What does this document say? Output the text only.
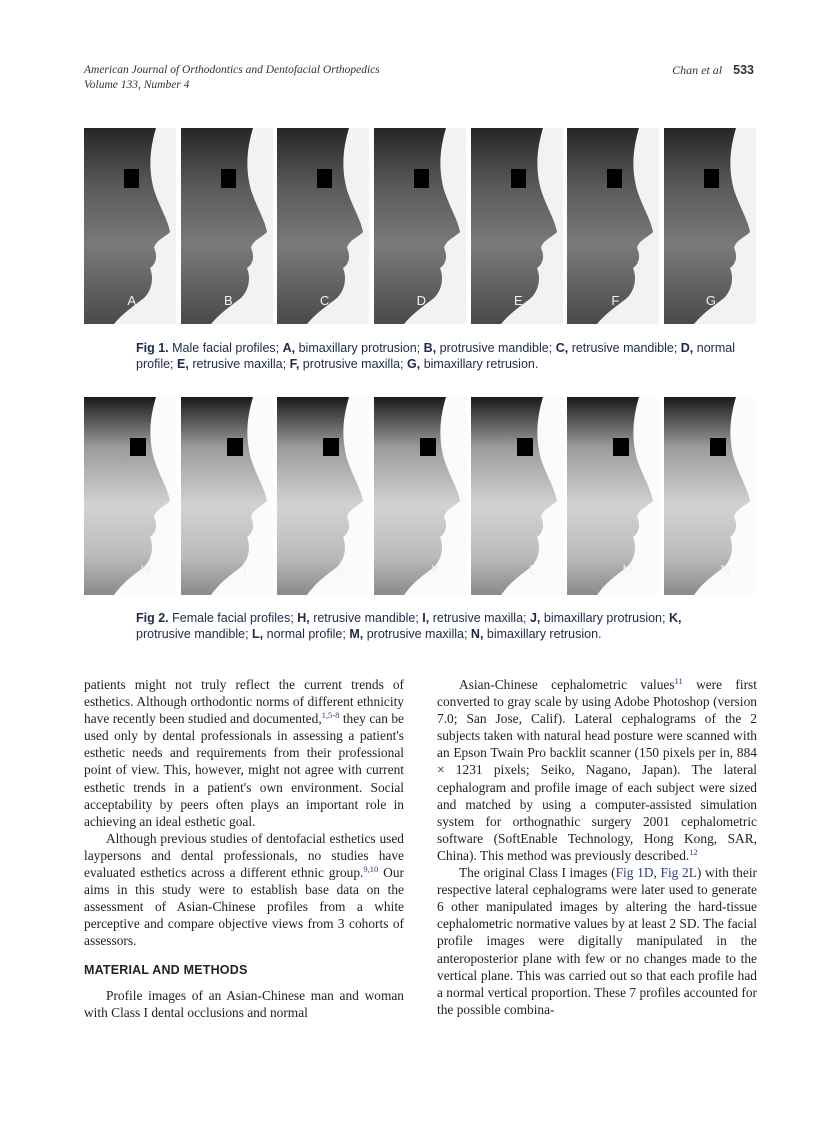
American Journal of Orthodontics and Dentofacial Orthopedics
Volume 133, Number 4
Chan et al 533
A	B	C	D	E	F	G
Fig 1. Male facial profiles; A, bimaxillary protrusion; B, protrusive mandible; C, retrusive mandible; D, normal profile; E, retrusive maxilla; F, protrusive maxilla; G, bimaxillary retrusion.
H	I	J	K	L	M	N
Fig 2. Female facial profiles; H, retrusive mandible; I, retrusive maxilla; J, bimaxillary protrusion; K, protrusive mandible; L, normal profile; M, protrusive maxilla; N, bimaxillary retrusion.

patients might not truly reflect the current trends of esthetics. Although orthodontic norms of different ethnicity have recently been studied and documented,$^{1,5-8}$ they can be used only by dental professionals in assessing a patient's esthetic needs and requirements from their professional point of view. This, however, might not agree with current esthetic trends in a patient's own environment. Social acceptability by peers often plays an important role in achieving an ideal esthetic goal.

Although previous studies of dentofacial esthetics used laypersons and dental professionals, no studies have evaluated esthetics across a different ethnic group.$^{9,10}$ Our aims in this study were to establish base data on the assessment of Asian-Chinese profiles from a white perceptive and compare objective views from 3 cohorts of assessors.

MATERIAL AND METHODS

Profile images of an Asian-Chinese man and woman with Class I dental occlusions and normal

Asian-Chinese cephalometric values$^{11}$ were first converted to gray scale by using Adobe Photoshop (version 7.0; San Jose, Calif). Lateral cephalograms of the 2 subjects taken with natural head posture were scanned with an Epson Twain Pro backlit scanner (150 pixels per in, 884 × 1231 pixels; Seiko, Nagano, Japan). The lateral cephalogram and profile image of each subject were sized and matched by using a computer-assisted simulation system for orthognathic surgery 2001 cephalometric software (SoftEnable Technology, Hong Kong, SAR, China). This method was previously described.$^{12}$

The original Class I images (Fig 1D, Fig 2L) with their respective lateral cephalograms were later used to generate 6 other manipulated images by altering the hard-tissue cephalometric normative values by at least 2 SD. The facial profile images were digitally manipulated in the anteroposterior plane with few or no changes made to the vertical plane. This was carried out so that each profile had a normal vertical proportion. These 7 profiles accounted for the possible combina-
